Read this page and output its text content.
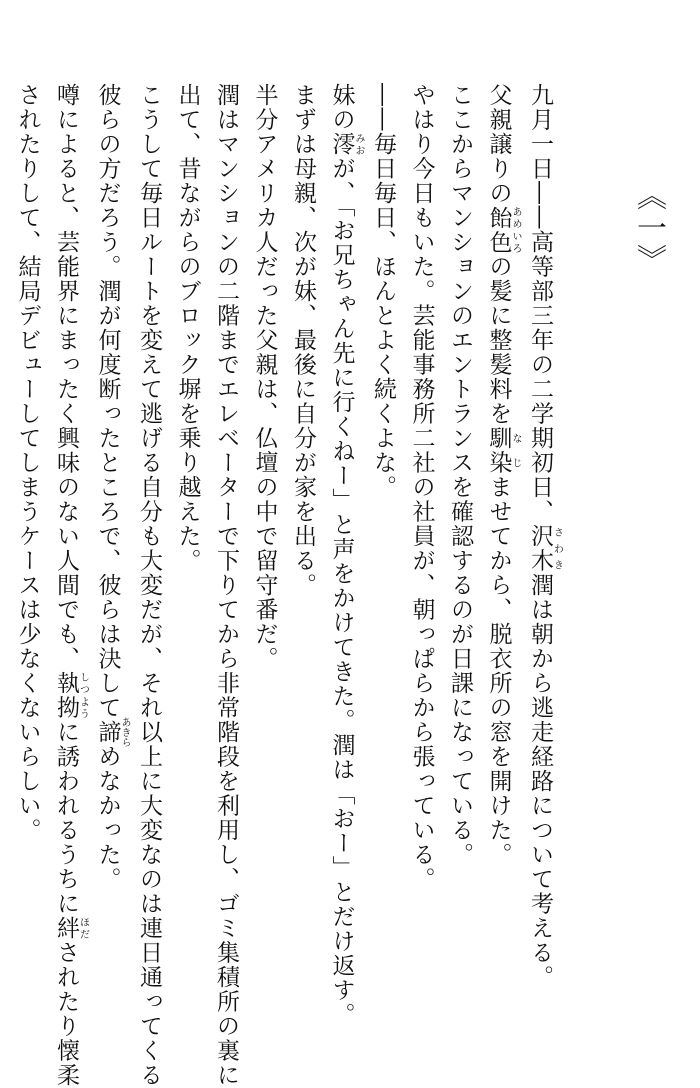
《一》

九月一日――高等部三年の二学期初日、沢木さわき潤は朝から逃走経路について考える。

父親譲りの飴色あめいろの髪に整髪料を馴染なじませてから、脱衣所の窓を開けた。

ここからマンションのエントランスを確認するのが日課になっている。

やはり今日もいた。芸能事務所二社の社員が、朝っぱらから張っている。

――毎日毎日、ほんとよく続くよな。

妹の澪みおが、「お兄ちゃん先に行くねー」と声をかけてきた。潤は「おー」とだけ返す。

まずは母親、次が妹、最後に自分が家を出る。

半分アメリカ人だった父親は、仏壇の中で留守番だ。

潤はマンションの二階までエレベーターで下りてから非常階段を利用し、ゴミ集積所の裏に

出て、昔ながらのブロック塀を乗り越えた。

こうして毎日ルートを変えて逃げる自分も大変だが、それ以上に大変なのは連日通ってくる

彼らの方だろう。潤が何度断ったところで、彼らは決して諦あきらめなかった。

噂によると、芸能界にまったく興味のない人間でも、執拗しつように誘われるうちに絆ほだされたり懐柔

されたりして、結局デビューしてしまうケースは少なくないらしい。
